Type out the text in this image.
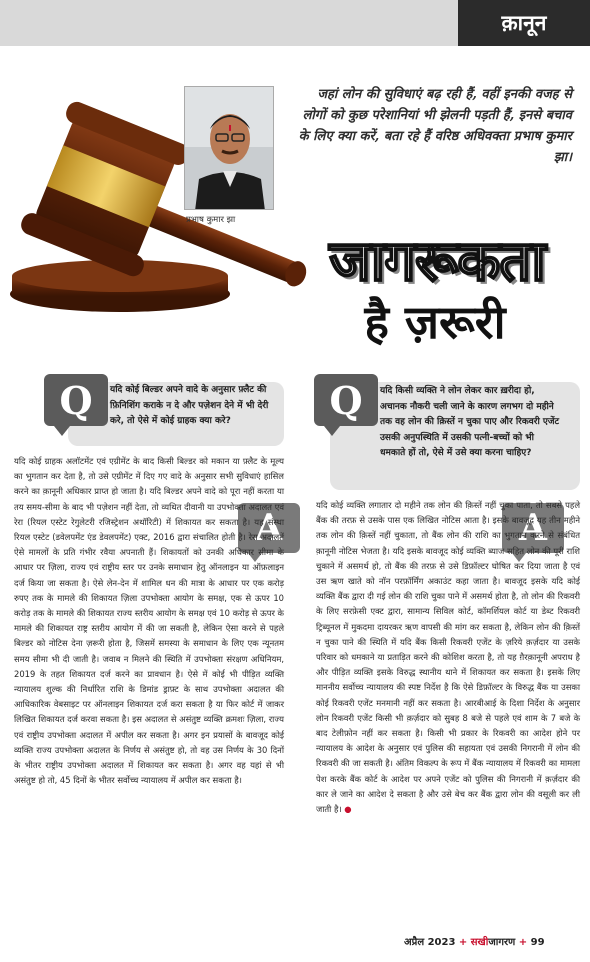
क़ानून
प्रभाष कुमार झा
जहां लोन की सुविधाएं बढ़ रही हैं, वहीं इनकी वजह से लोगों को कुछ परेशानियां भी झेलनी पड़ती हैं, इनसे बचाव के लिए क्या करें, बता रहे हैं वरिष्ठ अधिवक्ता प्रभाष कुमार झा।
जागरूकता
है ज़रूरी
Q	यदि कोई बिल्डर अपने वादे के अनुसार फ़्लैट की फ़िनिशिंग कराके न दे और पज़ेशन देने में भी देरी करे, तो ऐसे में कोई ग्राहक क्या करे?
A
यदि कोई ग्राहक अलॉटमेंट एवं एग्रीमेंट के बाद किसी बिल्डर को मकान या फ़्लैट के मूल्य का भुगतान कर देता है, तो उसे एग्रीमेंट में दिए गए वादे के अनुसार सभी सुविधाएं हासिल करने का क़ानूनी अधिकार प्राप्त हो जाता है। यदि बिल्डर अपने वादे को पूरा नहीं करता या तय समय-सीमा के बाद भी पज़ेशन नहीं देता, तो व्यथित दीवानी या उपभोक्ता अदालत एवं रेरा (रियल एस्टेट रेगुलेटरी रजिस्ट्रेशन अथॉरिटी) में शिकायत कर सकता है। यह संस्था रियल एस्टेट (डवेलपमेंट एंड डेवलपमेंट) एक्ट, 2016 द्वारा संचालित होती है। रेरा अदालतें ऐसे मामलों के प्रति गंभीर रवैया अपनाती हैं। शिकायतों को उनकी अधिकार सीमा के आधार पर ज़िला, राज्य एवं राष्ट्रीय स्तर पर उनके समाधान हेतु ऑनलाइन या ऑफ़लाइन दर्ज किया जा सकता है। ऐसे लेन-देन में शामिल धन की मात्रा के आधार पर एक करोड़ रुपए तक के मामले की शिकायत ज़िला उपभोक्ता आयोग के समक्ष, एक से ऊपर 10 करोड़ तक के मामले की शिकायत राज्य स्तरीय आयोग के समक्ष एवं 10 करोड़ से ऊपर के मामले की शिकायत राष्ट्र स्तरीय आयोग में की जा सकती है, लेकिन ऐसा करने से पहले बिल्डर को नोटिस देना ज़रूरी होता है, जिसमें समस्या के समाधान के लिए एक न्यूनतम समय सीमा भी दी जाती है। जवाब न मिलने की स्थिति में उपभोक्ता संरक्षण अधिनियम, 2019 के तहत शिकायत दर्ज करने का प्रावधान है। ऐसे में कोई भी पीड़ित व्यक्ति न्यायालय शुल्क की निर्धारित राशि के डिमांड ड्राफ़्ट के साथ उपभोक्ता अदालत की आधिकारिक वेबसाइट पर ऑनलाइन शिकायत दर्ज करा सकता है या फिर कोर्ट में जाकर लिखित शिकायत दर्ज करवा सकता है। इस अदालत से असंतुष्ट व्यक्ति क्रमशः ज़िला, राज्य एवं राष्ट्रीय उपभोक्ता अदालत में अपील कर सकता है। अगर इन प्रयासों के बावजूद कोई व्यक्ति राज्य उपभोक्ता अदालत के निर्णय से असंतुष्ट हो, तो वह उस निर्णय के 30 दिनों के भीतर राष्ट्रीय उपभोक्ता अदालत में शिकायत कर सकता है। अगर वह यहां से भी असंतुष्ट हो तो, 45 दिनों के भीतर सर्वोच्च न्यायालय में अपील कर सकता है।
Q	यदि किसी व्यक्ति ने लोन लेकर कार ख़रीदा हो, अचानक नौकरी चली जाने के कारण लगभग दो महीने तक वह लोन की क़िस्तें न चुका पाए और रिकवरी एजेंट उसकी अनुपस्थिति में उसकी पत्नी-बच्चों को भी धमकाते हों तो, ऐसे में उसे क्या करना चाहिए?
A
यदि कोई व्यक्ति लगातार दो महीने तक लोन की क़िस्तें नहीं चुका पाता, तो सबसे पहले बैंक की तरफ़ से उसके पास एक लिखित नोटिस आता है। इसके बावजूद यह तीन महीने तक लोन की क़िस्तें नहीं चुकाता, तो बैंक लोन की राशि का भुगतान करने से संबंधित क़ानूनी नोटिस भेजता है। यदि इसके बावजूद कोई व्यक्ति ब्याज सहित लोन की पूरी राशि चुकाने में असमर्थ हो, तो बैंक की तरफ़ से उसे डिफ़ॉल्टर घोषित कर दिया जाता है एवं उस ऋण खाते को नॉन परफ़ॉर्मिंग अकाउंट कहा जाता है। बावजूद इसके यदि कोई व्यक्ति बैंक द्वारा दी गई लोन की राशि चुका पाने में असमर्थ होता है, तो लोन की रिकवरी के लिए सरफ़ेसी एक्ट द्वारा, सामान्य सिविल कोर्ट, कॉमर्शियल कोर्ट या डेब्ट रिकवरी ट्रिब्यूनल में मुकदमा दायरकर ऋण वापसी की मांग कर सकता है, लेकिन लोन की क़िस्तें न चुका पाने की स्थिति में यदि बैंक किसी रिकवरी एजेंट के ज़रिये क़र्ज़दार या उसके परिवार को धमकाने या प्रताड़ित करने की कोशिश करता है, तो यह ग़ैरक़ानूनी अपराध है और पीड़ित व्यक्ति इसके विरुद्ध स्थानीय थाने में शिकायत कर सकता है। इसके लिए माननीय सर्वोच्च न्यायालय की स्पष्ट निर्देश है कि ऐसे डिफ़ॉल्टर के विरुद्ध बैंक या उसका कोई रिकवरी एजेंट मनमानी नहीं कर सकता है। आरबीआई के दिशा निर्देश के अनुसार लोन रिकवरी एजेंट किसी भी क़र्ज़दार को सुबह 8 बजे से पहले एवं शाम के 7 बजे के बाद टेलीफ़ोन नहीं कर सकता है। किसी भी प्रकार के रिकवरी का आदेश होने पर न्यायालय के आदेश के अनुसार एवं पुलिस की सहायता एवं उसकी निगरानी में लोन की रिकवरी की जा सकती है। अंतिम विकल्प के रूप में बैंक न्यायालय में रिकवरी का मामला पेश करके बैंक कोर्ट के आदेश पर अपने एजेंट को पुलिस की निगरानी में क़र्ज़दार की कार ले जाने का आदेश दे सकता है और उसे बेच कर बैंक द्वारा लोन की वसूली कर ली जाती है। ●
अप्रैल 2023 + सखीजागरण + 99
